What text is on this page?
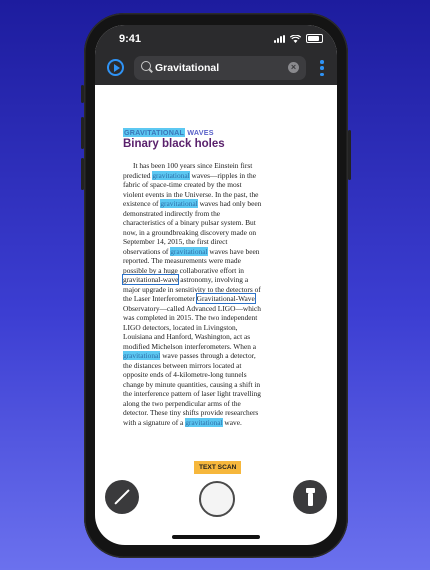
9:41
Gravitational
×
GRAVITATIONAL WAVES
Binary black holes
It has been 100 years since Einstein first
predicted gravitational waves—ripples in the
fabric of space-time created by the most
violent events in the Universe. In the past, the
existence of gravitational waves had only been
demonstrated indirectly from the
characteristics of a binary pulsar system. But
now, in a groundbreaking discovery made on
September 14, 2015, the first direct
observations of gravitational waves have been
reported. The measurements were made
possible by a huge collaborative effort in
gravitational-wave astronomy, involving a
major upgrade in sensitivity to the detectors of
the Laser Interferometer Gravitational-Wave
Observatory—called Advanced LIGO—which
was completed in 2015. The two independent
LIGO detectors, located in Livingston,
Louisiana and Hanford, Washington, act as
modified Michelson interferometers. When a
gravitational wave passes through a detector,
the distances between mirrors located at
opposite ends of 4-kilometre-long tunnels
change by minute quantities, causing a shift in
the interference pattern of laser light travelling
along the two perpendicular arms of the
detector. These tiny shifts provide researchers
with a signature of a gravitational wave.
TEXT SCAN
